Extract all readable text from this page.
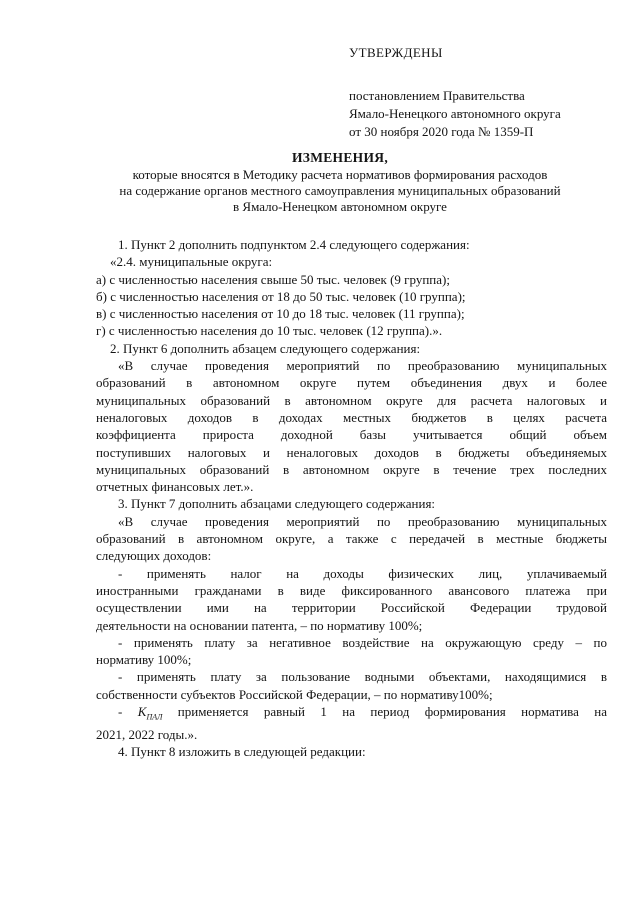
УТВЕРЖДЕНЫ
постановлением Правительства
Ямало-Ненецкого автономного округа
от 30 ноября 2020 года № 1359-П
ИЗМЕНЕНИЯ,
которые вносятся в Методику расчета нормативов формирования расходов
на содержание органов местного самоуправления муниципальных образований
в Ямало-Ненецком автономном округе

1. Пункт 2 дополнить подпунктом 2.4 следующего содержания:

«2.4. муниципальные округа:

а) с численностью населения свыше 50 тыс. человек (9 группа);

б) с численностью населения от 18 до 50 тыс. человек (10 группа);

в) с численностью населения от 10 до 18 тыс. человек (11 группа);

г) с численностью населения до 10 тыс. человек (12 группа).».

2. Пункт 6 дополнить абзацем следующего содержания:

«В случае проведения мероприятий по преобразованию муниципальных
образований в автономном округе путем объединения двух и более
муниципальных образований в автономном округе для расчета налоговых и
неналоговых доходов в доходах местных бюджетов в целях расчета
коэффициента прироста доходной базы учитывается общий объем
поступивших налоговых и неналоговых доходов в бюджеты объединяемых
муниципальных образований в автономном округе в течение трех последних
отчетных финансовых лет.».

3. Пункт 7 дополнить абзацами следующего содержания:

«В случае проведения мероприятий по преобразованию муниципальных
образований в автономном округе, а также с передачей в местные бюджеты
следующих доходов:
- применять налог на доходы физических лиц, уплачиваемый
иностранными гражданами в виде фиксированного авансового платежа при
осуществлении ими на территории Российской Федерации трудовой
деятельности на основании патента, – по нормативу 100%;
- применять плату за негативное воздействие на окружающую среду – по
нормативу 100%;
- применять плату за пользование водными объектами, находящимися в
собственности субъектов Российской Федерации, – по нормативу100%;
- $K_{ПАЛ}$ применяется равный 1 на период формирования норматива на
2021, 2022 годы.».

4. Пункт 8 изложить в следующей редакции:
